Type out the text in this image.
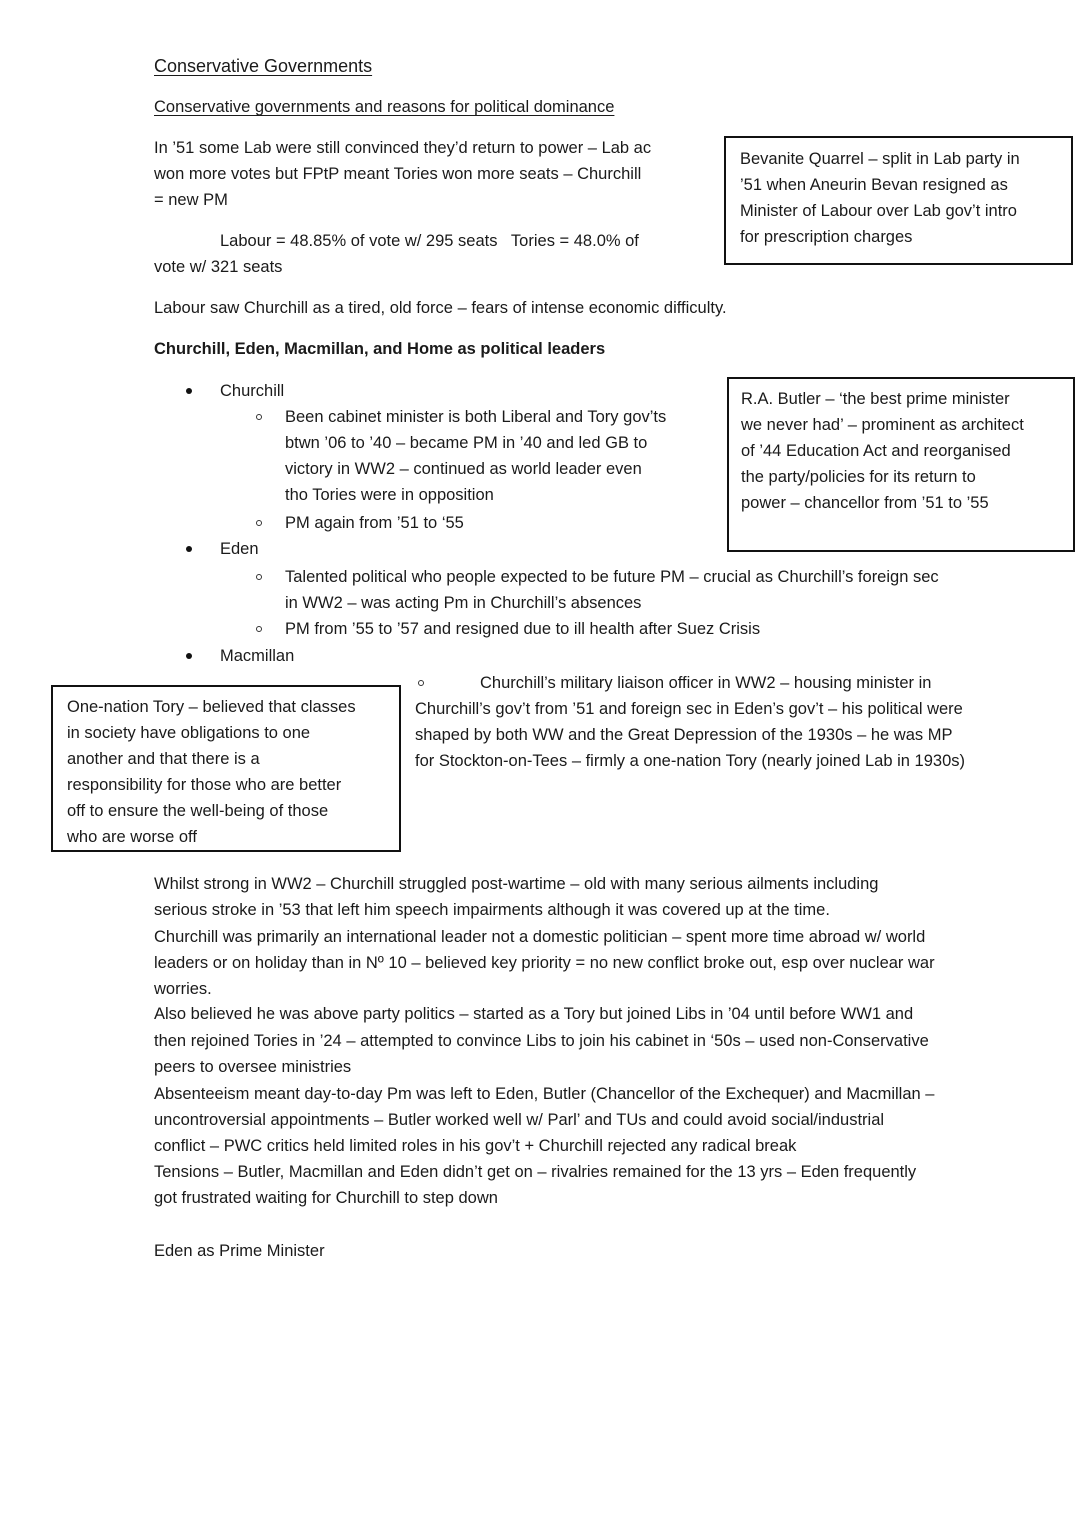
Conservative Governments
Conservative governments and reasons for political dominance
In ’51 some Lab were still convinced they’d return to power – Lab ac
won more votes but FPtP meant Tories won more seats – Churchill
= new PM
Labour = 48.85% of vote w/ 295 seats   Tories = 48.0% of
vote w/ 321 seats
Labour saw Churchill as a tired, old force – fears of intense economic difficulty.
Churchill, Eden, Macmillan, and Home as political leaders
Bevanite Quarrel – split in Lab party in
’51 when Aneurin Bevan resigned as
Minister of Labour over Lab gov’t intro
for prescription charges
R.A. Butler – ‘the best prime minister
we never had’ – prominent as architect
of ’44 Education Act and reorganised
the party/policies for its return to
power – chancellor from ’51 to ’55
Churchill
Been cabinet minister is both Liberal and Tory gov’ts
btwn ’06 to ’40 – became PM in ’40 and led GB to
victory in WW2 – continued as world leader even
tho Tories were in opposition
PM again from ’51 to ‘55
Eden
Talented political who people expected to be future PM – crucial as Churchill’s foreign sec
in WW2 – was acting Pm in Churchill’s absences
PM from ’55 to ’57 and resigned due to ill health after Suez Crisis
Macmillan
Churchill’s military liaison officer in WW2 – housing minister in
Churchill’s gov’t from ’51 and foreign sec in Eden’s gov’t – his political were
shaped by both WW and the Great Depression of the 1930s – he was MP
for Stockton-on-Tees – firmly a one-nation Tory (nearly joined Lab in 1930s)
One-nation Tory – believed that classes
in society have obligations to one
another and that there is a
responsibility for those who are better
off to ensure the well-being of those
who are worse off
Whilst strong in WW2 – Churchill struggled post-wartime – old with many serious ailments including
serious stroke in ’53 that left him speech impairments although it was covered up at the time.
Churchill was primarily an international leader not a domestic politician – spent more time abroad w/ world
leaders or on holiday than in Nº 10 – believed key priority = no new conflict broke out, esp over nuclear war
worries.
Also believed he was above party politics – started as a Tory but joined Libs in ’04 until before WW1 and
then rejoined Tories in ’24 – attempted to convince Libs to join his cabinet in ‘50s – used non-Conservative
peers to oversee ministries
Absenteeism meant day-to-day Pm was left to Eden, Butler (Chancellor of the Exchequer) and Macmillan –
uncontroversial appointments – Butler worked well w/ Parl’ and TUs and could avoid social/industrial
conflict – PWC critics held limited roles in his gov’t + Churchill rejected any radical break
Tensions – Butler, Macmillan and Eden didn’t get on – rivalries remained for the 13 yrs – Eden frequently
got frustrated waiting for Churchill to step down
Eden as Prime Minister
